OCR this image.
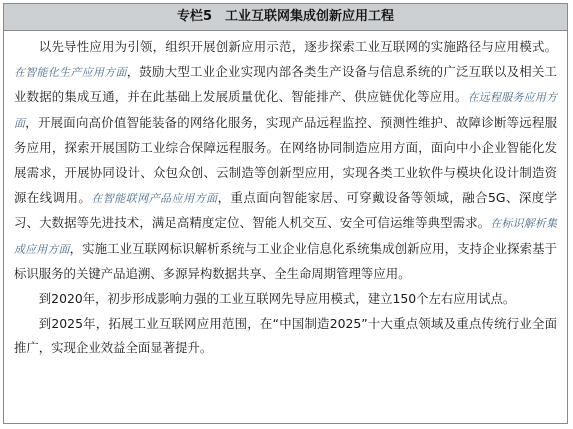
专栏5　工业互联网集成创新应用工程

以先导性应用为引领，组织开展创新应用示范，逐步探索工业互联网的实施路径与应用模式。在智能化生产应用方面，鼓励大型工业企业实现内部各类生产设备与信息系统的广泛互联以及相关工业数据的集成互通，并在此基础上发展质量优化、智能排产、供应链优化等应用。在远程服务应用方面，开展面向高价值智能装备的网络化服务，实现产品远程监控、预测性维护、故障诊断等远程服务应用，探索开展国防工业综合保障远程服务。在网络协同制造应用方面，面向中小企业智能化发展需求，开展协同设计、众包众创、云制造等创新型应用，实现各类工业软件与模块化设计制造资源在线调用。在智能联网产品应用方面，重点面向智能家居、可穿戴设备等领域，融合5G、深度学习、大数据等先进技术，满足高精度定位、智能人机交互、安全可信运维等典型需求。在标识解析集成应用方面，实施工业互联网标识解析系统与工业企业信息化系统集成创新应用，支持企业探索基于标识服务的关键产品追溯、多源异构数据共享、全生命周期管理等应用。

到2020年，初步形成影响力强的工业互联网先导应用模式，建立150个左右应用试点。

到2025年，拓展工业互联网应用范围，在“中国制造2025”十大重点领域及重点传统行业全面推广，实现企业效益全面显著提升。
